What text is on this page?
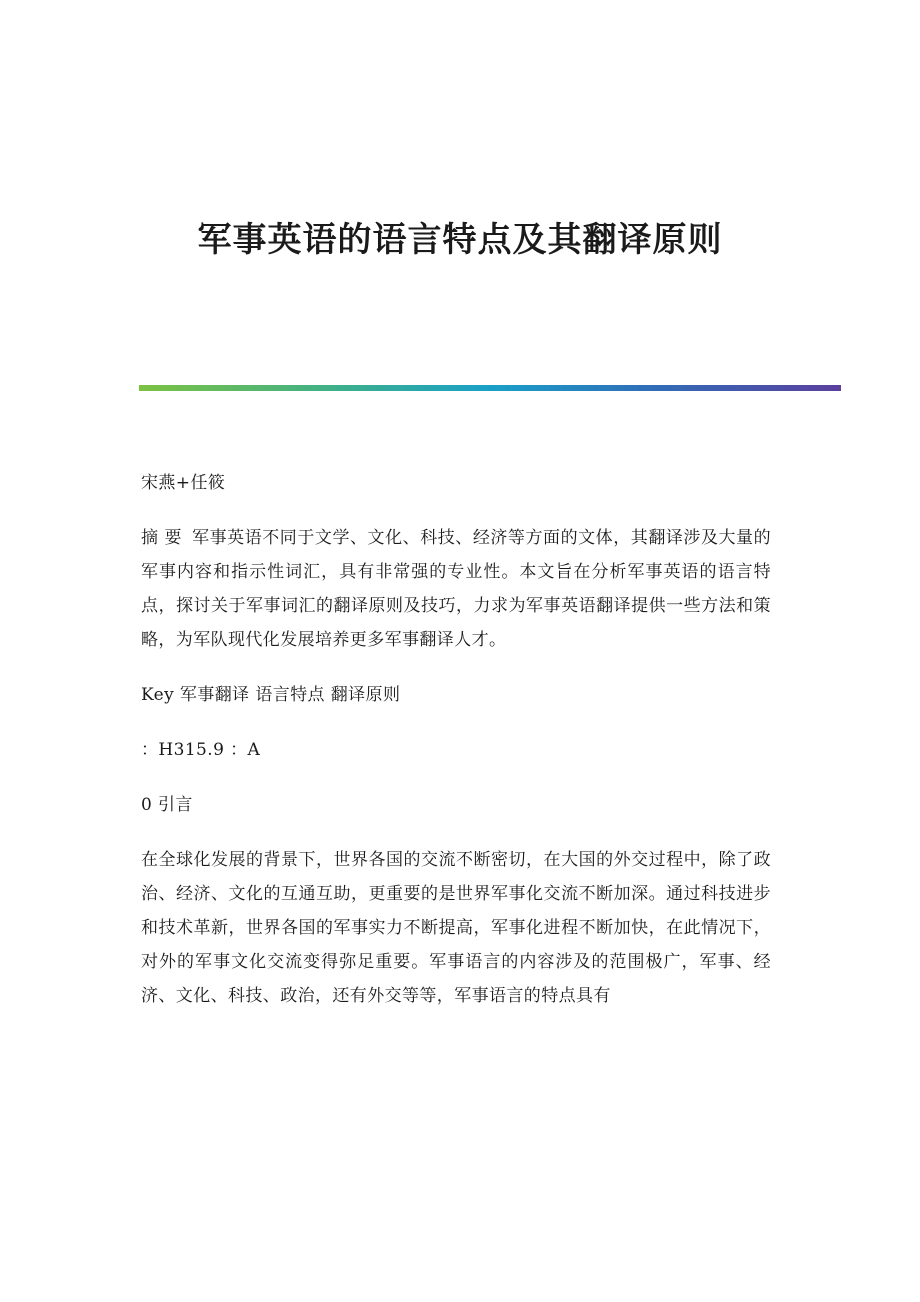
军事英语的语言特点及其翻译原则

宋燕+任筱

摘 要 军事英语不同于文学、文化、科技、经济等方面的文体，其翻译涉及大量的军事内容和指示性词汇，具有非常强的专业性。本文旨在分析军事英语的语言特点，探讨关于军事词汇的翻译原则及技巧，力求为军事英语翻译提供一些方法和策略，为军队现代化发展培养更多军事翻译人才。

Key 军事翻译 语言特点 翻译原则

：H315.9 ：A

0 引言

在全球化发展的背景下，世界各国的交流不断密切，在大国的外交过程中，除了政治、经济、文化的互通互助，更重要的是世界军事化交流不断加深。通过科技进步和技术革新，世界各国的军事实力不断提高，军事化进程不断加快，在此情况下，对外的军事文化交流变得弥足重要。军事语言的内容涉及的范围极广，军事、经济、文化、科技、政治，还有外交等等，军事语言的特点具有
